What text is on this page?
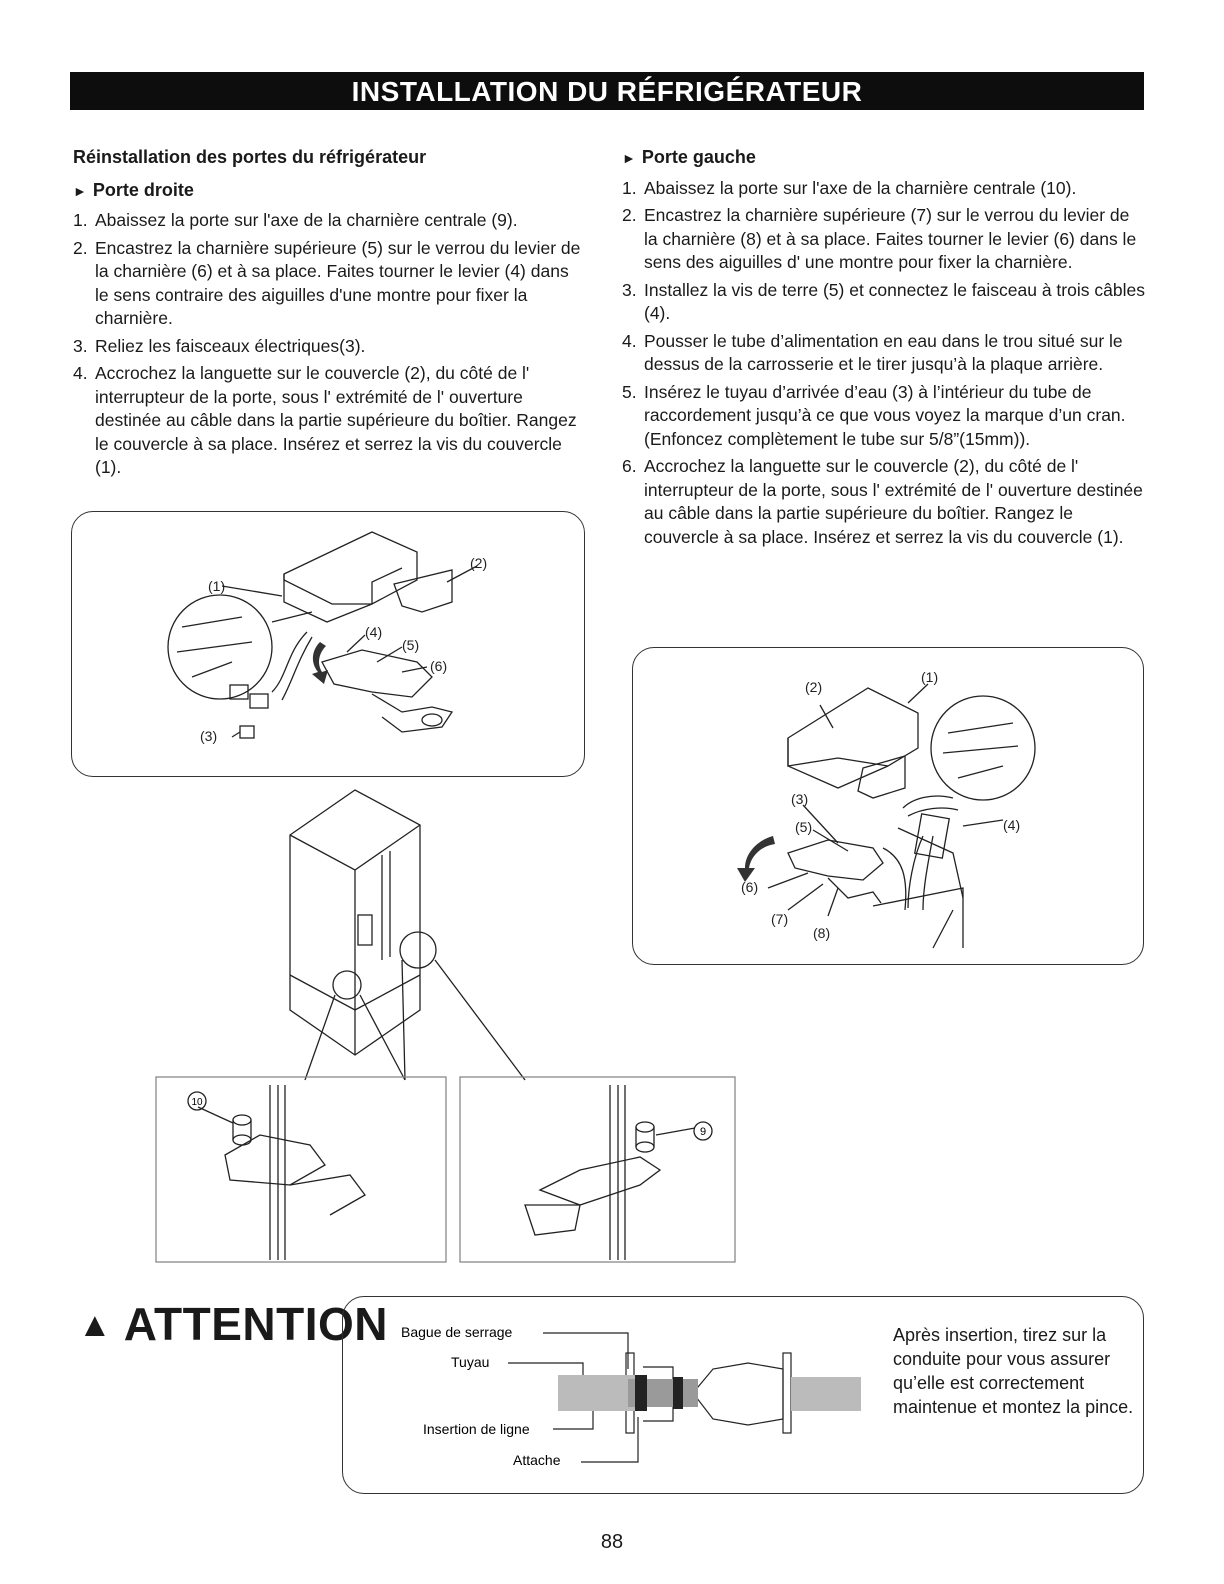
INSTALLATION DU RÉFRIGÉRATEUR
Réinstallation des portes du réfrigérateur
► Porte droite
1. Abaissez la porte sur l'axe de la charnière centrale (9).
2. Encastrez la charnière supérieure (5) sur le verrou du levier de la charnière (6) et à sa place. Faites tourner le levier (4) dans le sens contraire des aiguilles d'une montre pour fixer la charnière.
3. Reliez les faisceaux électriques(3).
4. Accrochez la languette sur le couvercle (2), du côté de l' interrupteur de la porte, sous l' extrémité de l' ouverture destinée au câble dans la partie supérieure du boîtier. Rangez le couvercle à sa place. Insérez et serrez la vis du couvercle (1).
► Porte gauche
1. Abaissez la porte sur l'axe de la charnière centrale (10).
2. Encastrez la charnière supérieure (7) sur le verrou du levier de la charnière (8) et à sa place. Faites tourner le levier (6) dans le sens des aiguilles d' une montre pour fixer la charnière.
3. Installez la vis de terre (5) et connectez le faisceau à trois câbles (4).
4. Pousser le tube d’alimentation en eau dans le trou situé sur le dessus de la carrosserie et le tirer jusqu’à la plaque arrière.
5. Insérez le tuyau d’arrivée d’eau (3) à l’intérieur du tube de raccordement jusqu’à ce que vous voyez la marque d’un cran. (Enfoncez complètement le tube sur 5/8”(15mm)).
6. Accrochez la languette sur le couvercle (2), du côté de l' interrupteur de la porte, sous l' extrémité de l' ouverture destinée au câble dans la partie supérieure du boîtier. Rangez le couvercle à sa place. Insérez et serrez la vis du couvercle (1).
(1)
(2)
(4)
(5)
(6)
(3)
(2)
(1)
(3)
(5)	(4)
(6)
(7)
(8)
10
9
▲ ATTENTION Bague de serrage
Tuyau
Insertion de ligne
Attache
Après insertion, tirez sur la conduite pour vous assurer qu’elle est correctement maintenue et montez la pince.
88
